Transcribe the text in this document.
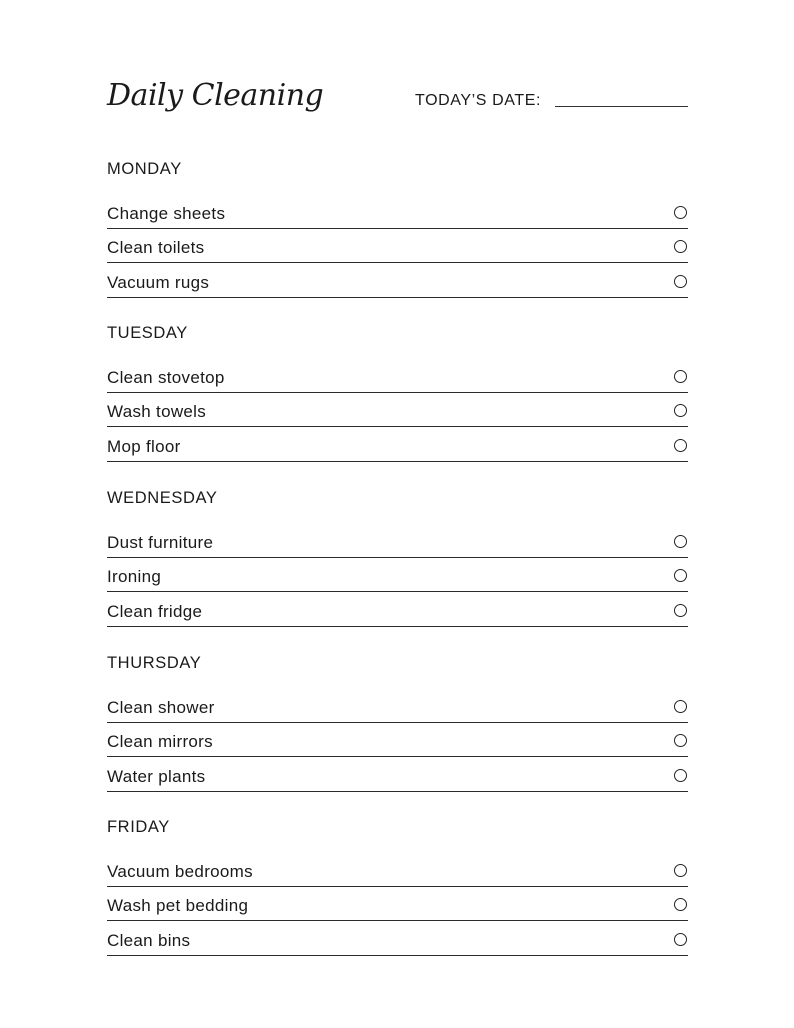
Daily Cleaning	TODAY’S DATE:
MONDAY
Change sheets
Clean toilets
Vacuum rugs
TUESDAY
Clean stovetop
Wash towels
Mop floor
WEDNESDAY
Dust furniture
Ironing
Clean fridge
THURSDAY
Clean shower
Clean mirrors
Water plants
FRIDAY
Vacuum bedrooms
Wash pet bedding
Clean bins
